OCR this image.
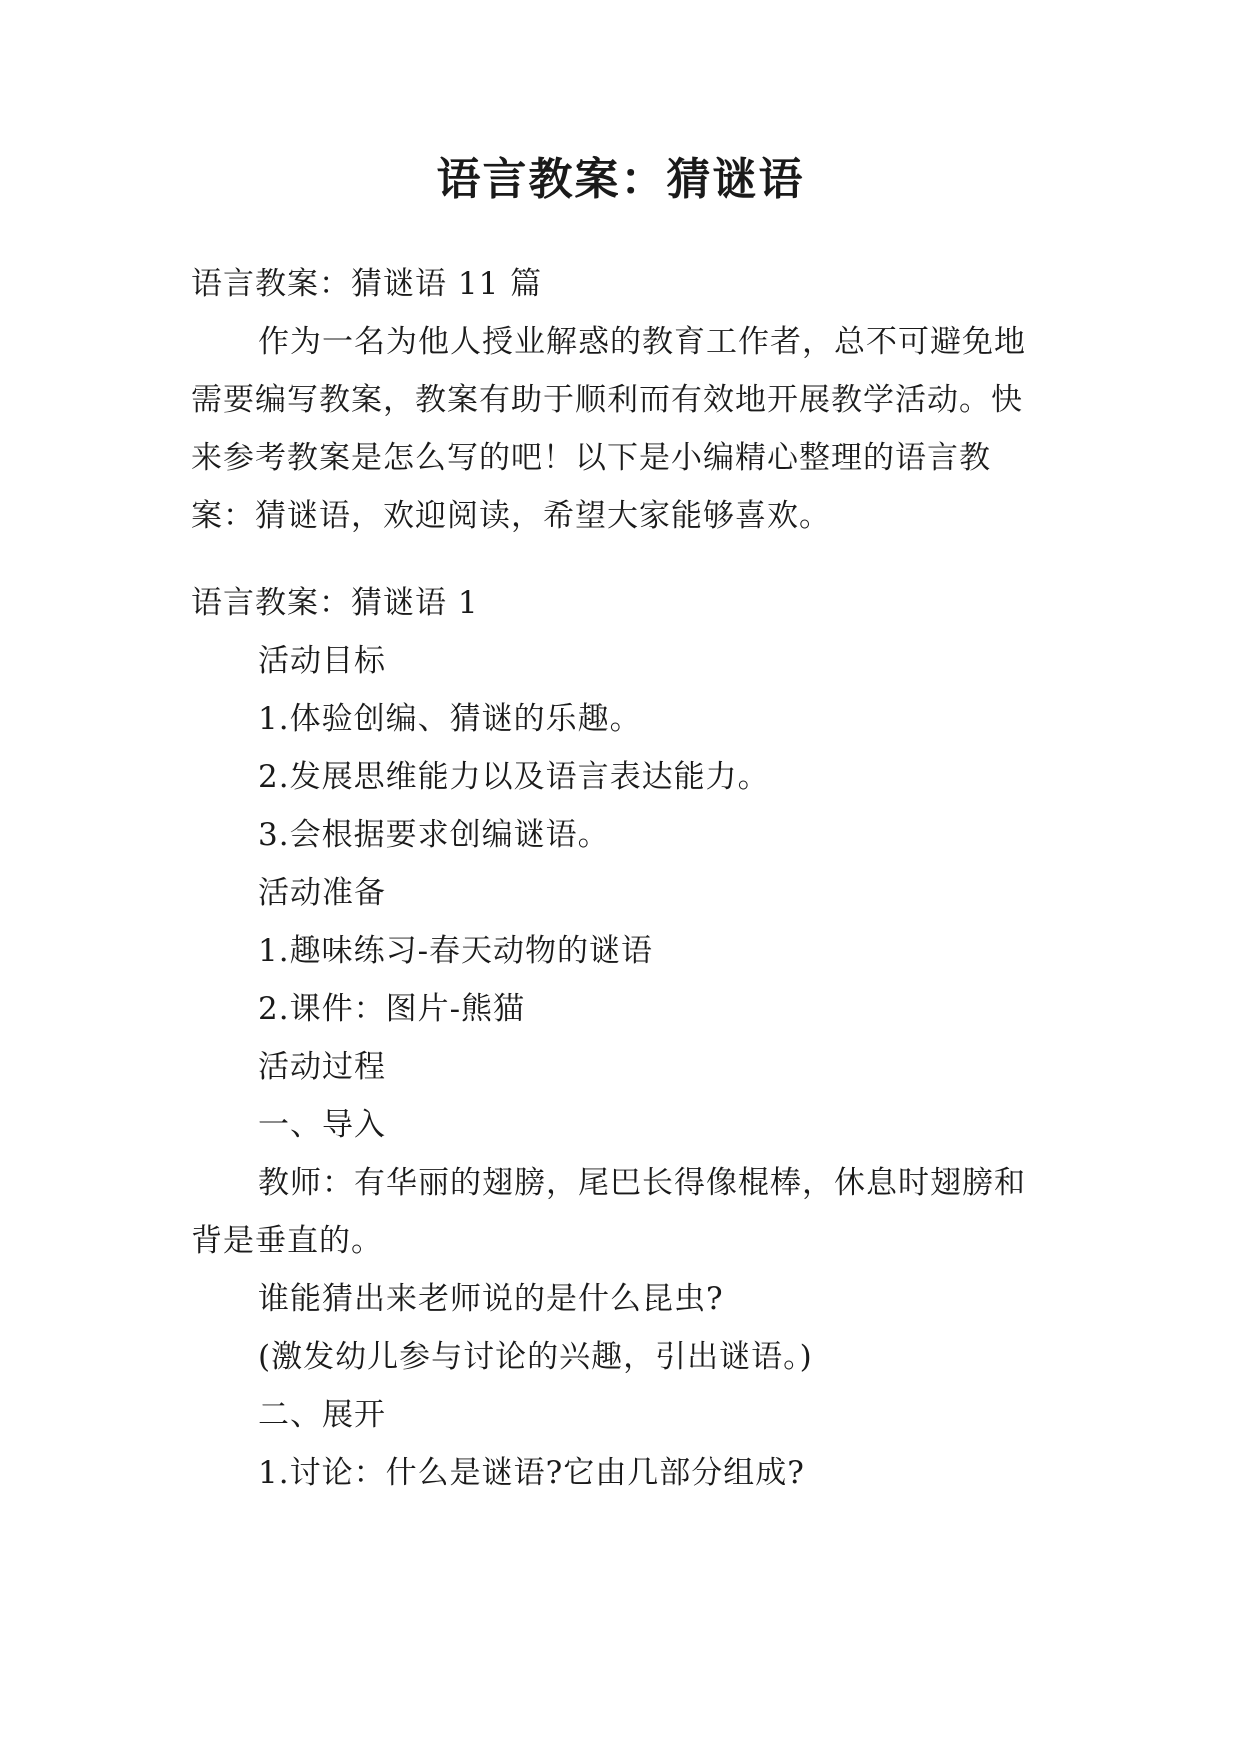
语言教案：猜谜语
语言教案：猜谜语 11 篇
作为一名为他人授业解惑的教育工作者，总不可避免地
需要编写教案，教案有助于顺利而有效地开展教学活动。快
来参考教案是怎么写的吧！以下是小编精心整理的语言教
案：猜谜语，欢迎阅读，希望大家能够喜欢。
语言教案：猜谜语 1
活动目标
1.体验创编、猜谜的乐趣。
2.发展思维能力以及语言表达能力。
3.会根据要求创编谜语。
活动准备
1.趣味练习-春天动物的谜语
2.课件：图片-熊猫
活动过程
一、导入
教师：有华丽的翅膀，尾巴长得像棍棒，休息时翅膀和
背是垂直的。
谁能猜出来老师说的是什么昆虫?
(激发幼儿参与讨论的兴趣，引出谜语。)
二、展开
1.讨论：什么是谜语?它由几部分组成?
